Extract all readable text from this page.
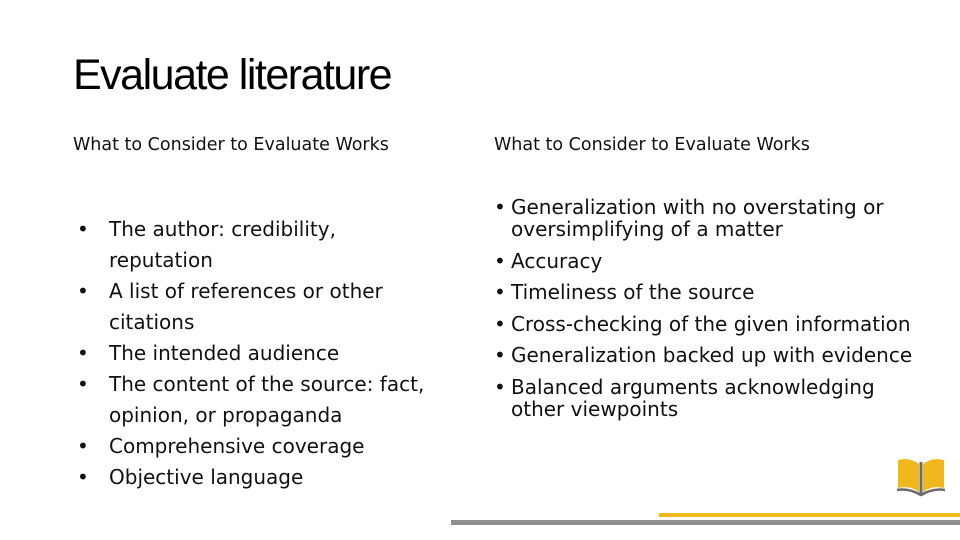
Evaluate literature
What to Consider to Evaluate Works	What to Consider to Evaluate Works
• The author: credibility, reputation
• A list of references or other citations
• The intended audience
• The content of the source: fact, opinion, or propaganda
• Comprehensive coverage
• Objective language
• Generalization with no overstating or oversimplifying of a matter
• Accuracy
• Timeliness of the source
• Cross-checking of the given information
• Generalization backed up with evidence
• Balanced arguments acknowledging other viewpoints
